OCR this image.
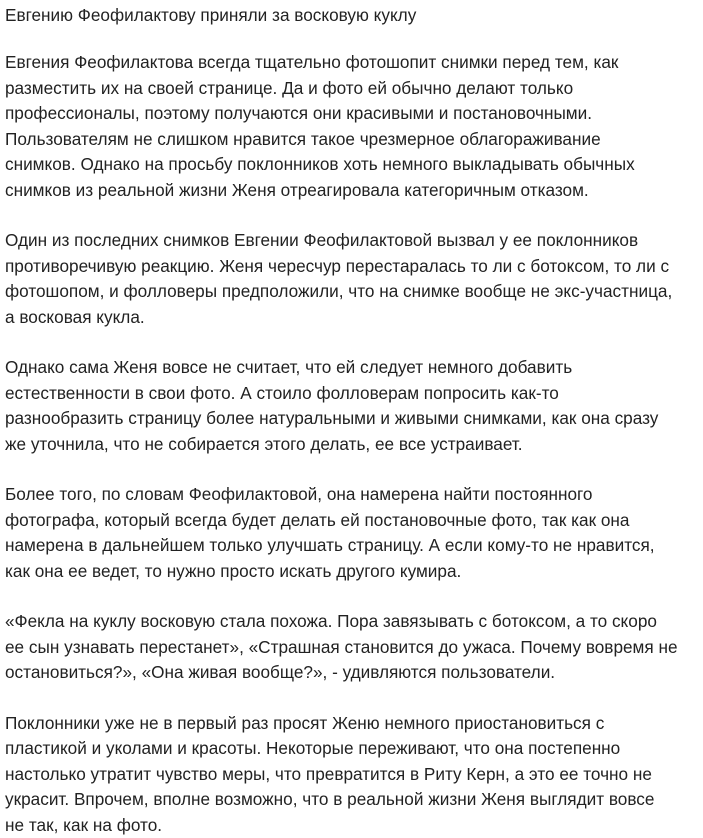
Евгению Феофилактову приняли за восковую куклу

Евгения Феофилактова всегда тщательно фотошопит снимки перед тем, как
разместить их на своей странице. Да и фото ей обычно делают только
профессионалы, поэтому получаются они красивыми и постановочными.
Пользователям не слишком нравится такое чрезмерное облагораживание
снимков. Однако на просьбу поклонников хоть немного выкладывать обычных
снимков из реальной жизни Женя отреагировала категоричным отказом.

Один из последних снимков Евгении Феофилактовой вызвал у ее поклонников
противоречивую реакцию. Женя чересчур перестаралась то ли с ботоксом, то ли с
фотошопом, и фолловеры предположили, что на снимке вообще не экс-участница,
а восковая кукла.

Однако сама Женя вовсе не считает, что ей следует немного добавить
естественности в свои фото. А стоило фолловерам попросить как-то
разнообразить страницу более натуральными и живыми снимками, как она сразу
же уточнила, что не собирается этого делать, ее все устраивает.

Более того, по словам Феофилактовой, она намерена найти постоянного
фотографа, который всегда будет делать ей постановочные фото, так как она
намерена в дальнейшем только улучшать страницу. А если кому-то не нравится,
как она ее ведет, то нужно просто искать другого кумира.

«Фекла на куклу восковую стала похожа. Пора завязывать с ботоксом, а то скоро
ее сын узнавать перестанет», «Страшная становится до ужаса. Почему вовремя не
остановиться?», «Она живая вообще?», - удивляются пользователи.

Поклонники уже не в первый раз просят Женю немного приостановиться с
пластикой и уколами и красоты. Некоторые переживают, что она постепенно
настолько утратит чувство меры, что превратится в Риту Керн, а это ее точно не
украсит. Впрочем, вполне возможно, что в реальной жизни Женя выглядит вовсе
не так, как на фото.
